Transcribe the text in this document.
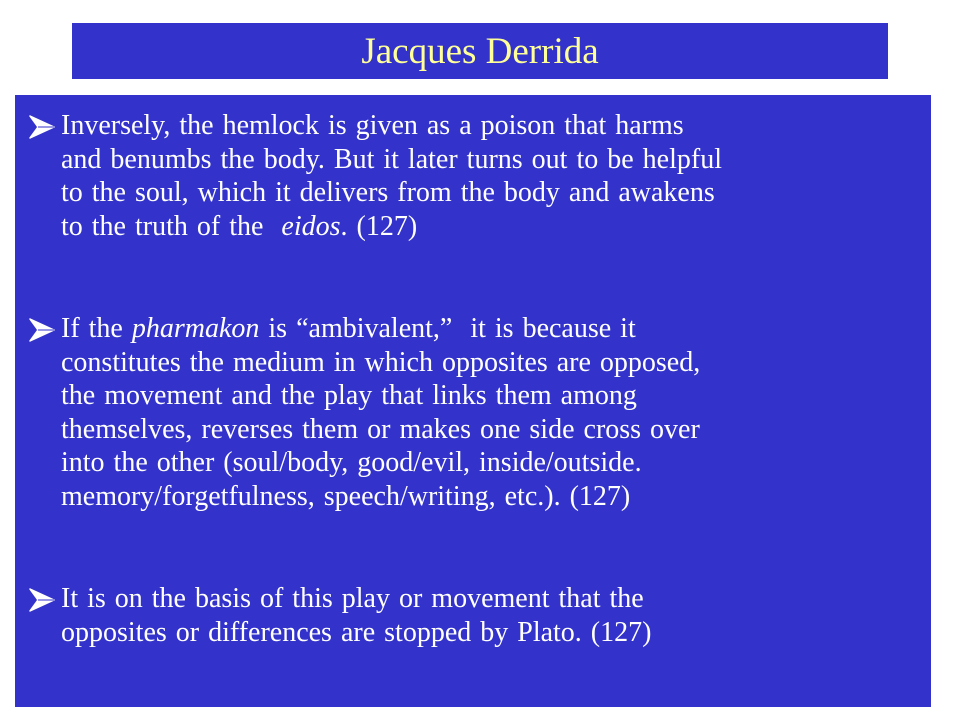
Jacques Derrida
Inversely, the hemlock is given as a poison that harms
and benumbs the body. But it later turns out to be helpful
to the soul, which it delivers from the body and awakens
to the truth of the  eidos. (127)
If the pharmakon is “ambivalent,”  it is because it
constitutes the medium in which opposites are opposed,
the movement and the play that links them among
themselves, reverses them or makes one side cross over
into the other (soul/body, good/evil, inside/outside.
memory/forgetfulness, speech/writing, etc.). (127)
It is on the basis of this play or movement that the
opposites or differences are stopped by Plato. (127)
